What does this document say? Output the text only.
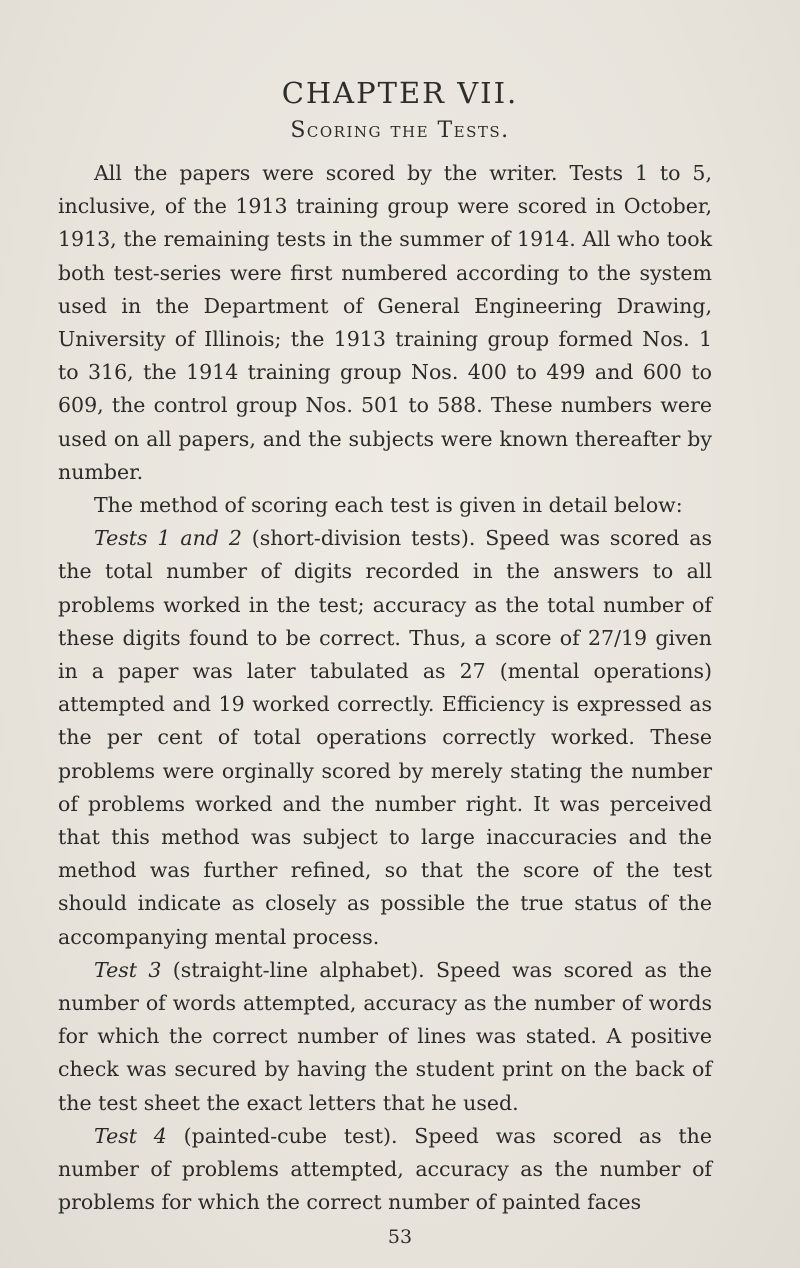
CHAPTER VII.
Scoring the Tests.

All the papers were scored by the writer. Tests 1 to 5, inclusive, of the 1913 training group were scored in October, 1913, the remaining tests in the summer of 1914. All who took both test-series were first numbered according to the system used in the Department of General Engineering Drawing, University of Illinois; the 1913 training group formed Nos. 1 to 316, the 1914 training group Nos. 400 to 499 and 600 to 609, the control group Nos. 501 to 588. These numbers were used on all papers, and the subjects were known thereafter by number.

The method of scoring each test is given in detail below:

Tests 1 and 2 (short-division tests). Speed was scored as the total number of digits recorded in the answers to all problems worked in the test; accuracy as the total number of these digits found to be correct. Thus, a score of 27/19 given in a paper was later tabulated as 27 (mental operations) attempted and 19 worked correctly. Efficiency is expressed as the per cent of total operations correctly worked. These problems were orginally scored by merely stating the number of problems worked and the number right. It was perceived that this method was subject to large inaccuracies and the method was further refined, so that the score of the test should indicate as closely as possible the true status of the accompanying mental process.

Test 3 (straight-line alphabet). Speed was scored as the number of words attempted, accuracy as the number of words for which the correct number of lines was stated. A positive check was secured by having the student print on the back of the test sheet the exact letters that he used.

Test 4 (painted-cube test). Speed was scored as the number of problems attempted, accuracy as the number of problems for which the correct number of painted faces

53
